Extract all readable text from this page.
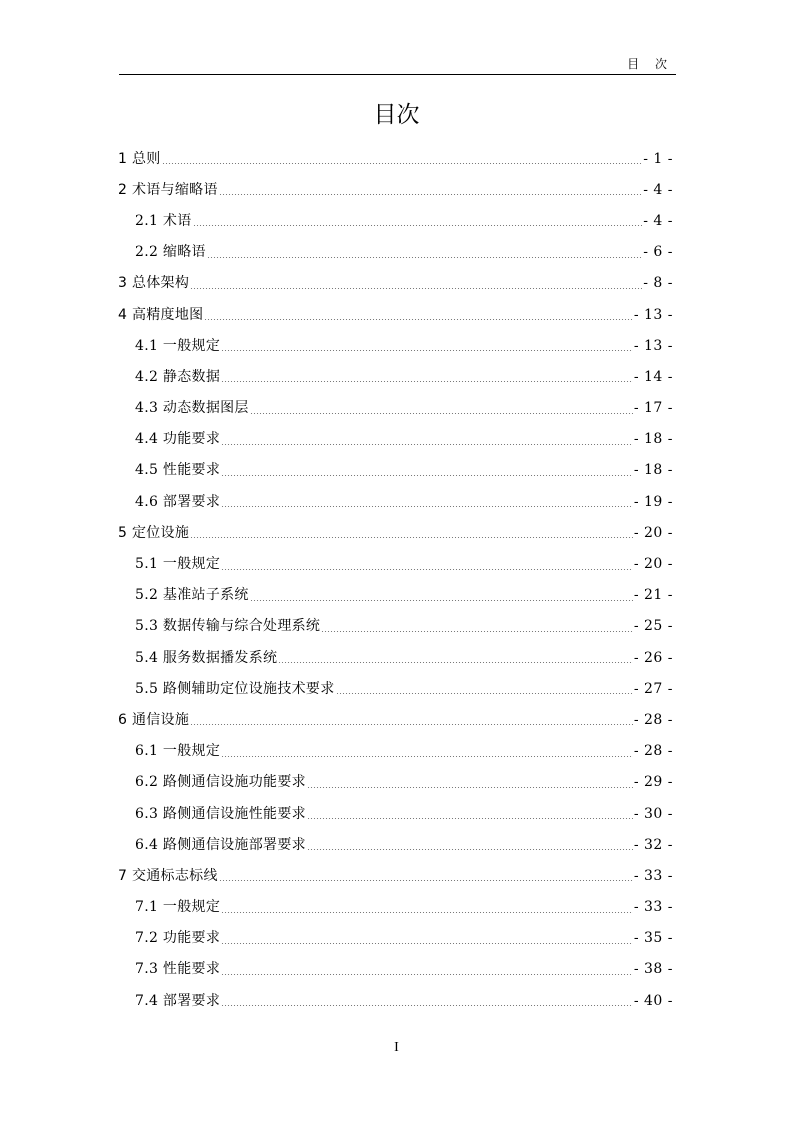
目 次
目次
1 总则	- 1 -
2 术语与缩略语	- 4 -
2.1 术语	- 4 -
2.2 缩略语	- 6 -
3 总体架构	- 8 -
4 高精度地图	- 13 -
4.1 一般规定	- 13 -
4.2 静态数据	- 14 -
4.3 动态数据图层	- 17 -
4.4 功能要求	- 18 -
4.5 性能要求	- 18 -
4.6 部署要求	- 19 -
5 定位设施	- 20 -
5.1 一般规定	- 20 -
5.2 基准站子系统	- 21 -
5.3 数据传输与综合处理系统	- 25 -
5.4 服务数据播发系统	- 26 -
5.5 路侧辅助定位设施技术要求	- 27 -
6 通信设施	- 28 -
6.1 一般规定	- 28 -
6.2 路侧通信设施功能要求	- 29 -
6.3 路侧通信设施性能要求	- 30 -
6.4 路侧通信设施部署要求	- 32 -
7 交通标志标线	- 33 -
7.1 一般规定	- 33 -
7.2 功能要求	- 35 -
7.3 性能要求	- 38 -
7.4 部署要求	- 40 -
I
